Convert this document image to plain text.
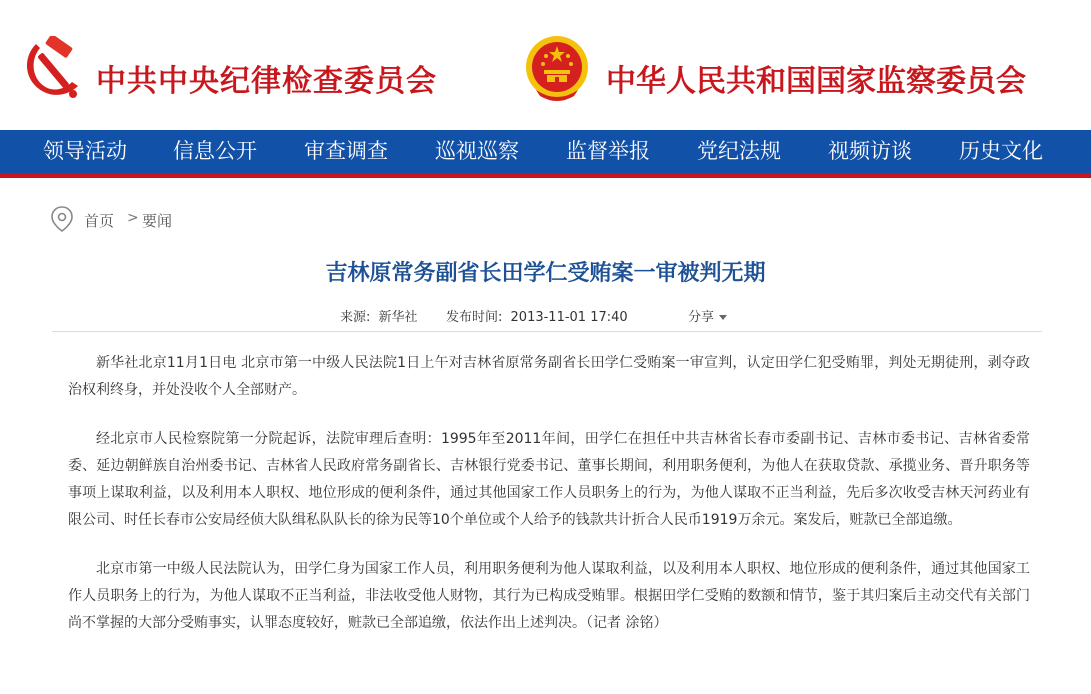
中共中央纪律检查委员会	中华人民共和国国家监察委员会
领导活动 信息公开 审查调查 巡视巡察 监督举报 党纪法规 视频访谈 历史文化
首页 > 要闻
吉林原常务副省长田学仁受贿案一审被判无期
来源: 新华社 发布时间: 2013-11-01 17:40	分享

新华社北京11月1日电 北京市第一中级人民法院1日上午对吉林省原常务副省长田学仁受贿案一审宣判，认定田学仁犯受贿罪，判处无期徒刑，剥夺政治权利终身，并处没收个人全部财产。

经北京市人民检察院第一分院起诉，法院审理后查明：1995年至2011年间，田学仁在担任中共吉林省长春市委副书记、吉林市委书记、吉林省委常委、延边朝鲜族自治州委书记、吉林省人民政府常务副省长、吉林银行党委书记、董事长期间，利用职务便利，为他人在获取贷款、承揽业务、晋升职务等事项上谋取利益，以及利用本人职权、地位形成的便利条件，通过其他国家工作人员职务上的行为，为他人谋取不正当利益，先后多次收受吉林天河药业有限公司、时任长春市公安局经侦大队缉私队队长的徐为民等10个单位或个人给予的钱款共计折合人民币1919万余元。案发后，赃款已全部追缴。

北京市第一中级人民法院认为，田学仁身为国家工作人员，利用职务便利为他人谋取利益，以及利用本人职权、地位形成的便利条件，通过其他国家工作人员职务上的行为，为他人谋取不正当利益，非法收受他人财物，其行为已构成受贿罪。根据田学仁受贿的数额和情节，鉴于其归案后主动交代有关部门尚不掌握的大部分受贿事实，认罪态度较好，赃款已全部追缴，依法作出上述判决。（记者 涂铭）
